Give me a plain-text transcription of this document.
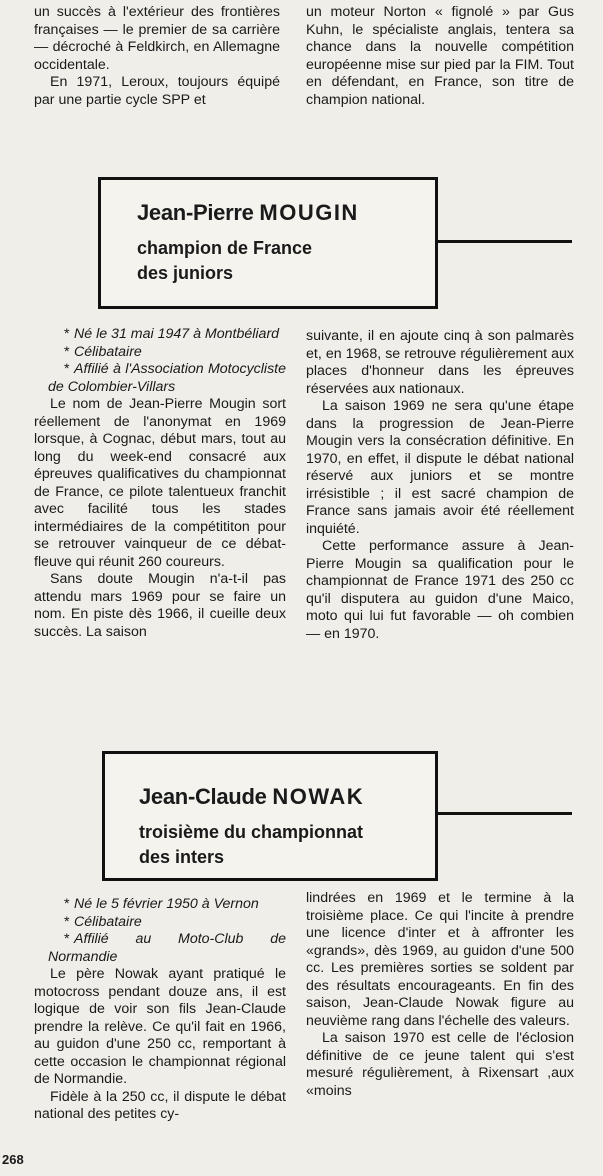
un succès à l'extérieur des frontières françaises — le premier de sa carrière — décroché à Feldkirch, en Allemagne occidentale.

En 1971, Leroux, toujours équipé par une partie cycle SPP et

un moteur Norton « fignolé » par Gus Kuhn, le spécialiste anglais, tentera sa chance dans la nouvelle compétition européenne mise sur pied par la FIM. Tout en défendant, en France, son titre de champion national.

Jean-Pierre MOUGIN
champion de France
des juniors

* Né le 31 mai 1947 à Montbéliard

* Célibataire

* Affilié à l'Association Motocycliste de Colombier-Villars

Le nom de Jean-Pierre Mougin sort réellement de l'anonymat en 1969 lorsque, à Cognac, début mars, tout au long du week-end consacré aux épreuves qualificatives du championnat de France, ce pilote talentueux franchit avec facilité tous les stades intermédiaires de la compétititon pour se retrouver vainqueur de ce débat-fleuve qui réunit 260 coureurs.

Sans doute Mougin n'a-t-il pas attendu mars 1969 pour se faire un nom. En piste dès 1966, il cueille deux succès. La saison

suivante, il en ajoute cinq à son palmarès et, en 1968, se retrouve régulièrement aux places d'honneur dans les épreuves réservées aux nationaux.

La saison 1969 ne sera qu'une étape dans la progression de Jean-Pierre Mougin vers la consécration définitive. En 1970, en effet, il dispute le débat national réservé aux juniors et se montre irrésistible ; il est sacré champion de France sans jamais avoir été réellement inquiété.

Cette performance assure à Jean-Pierre Mougin sa qualification pour le championnat de France 1971 des 250 cc qu'il disputera au guidon d'une Maico, moto qui lui fut favorable — oh combien — en 1970.

Jean-Claude NOWAK
troisième du championnat
des inters

* Né le 5 février 1950 à Vernon

* Célibataire

* Affilié au Moto-Club de Normandie

Le père Nowak ayant pratiqué le motocross pendant douze ans, il est logique de voir son fils Jean-Claude prendre la relève. Ce qu'il fait en 1966, au guidon d'une 250 cc, remportant à cette occasion le championnat régional de Normandie.

Fidèle à la 250 cc, il dispute le débat national des petites cy-

lindrées en 1969 et le termine à la troisième place. Ce qui l'incite à prendre une licence d'inter et à affronter les «grands», dès 1969, au guidon d'une 500 cc. Les premières sorties se soldent par des résultats encourageants. En fin des saison, Jean-Claude Nowak figure au neuvième rang dans l'échelle des valeurs.

La saison 1970 est celle de l'éclosion définitive de ce jeune talent qui s'est mesuré régulièrement, à Rixensart ,aux «moins

268
